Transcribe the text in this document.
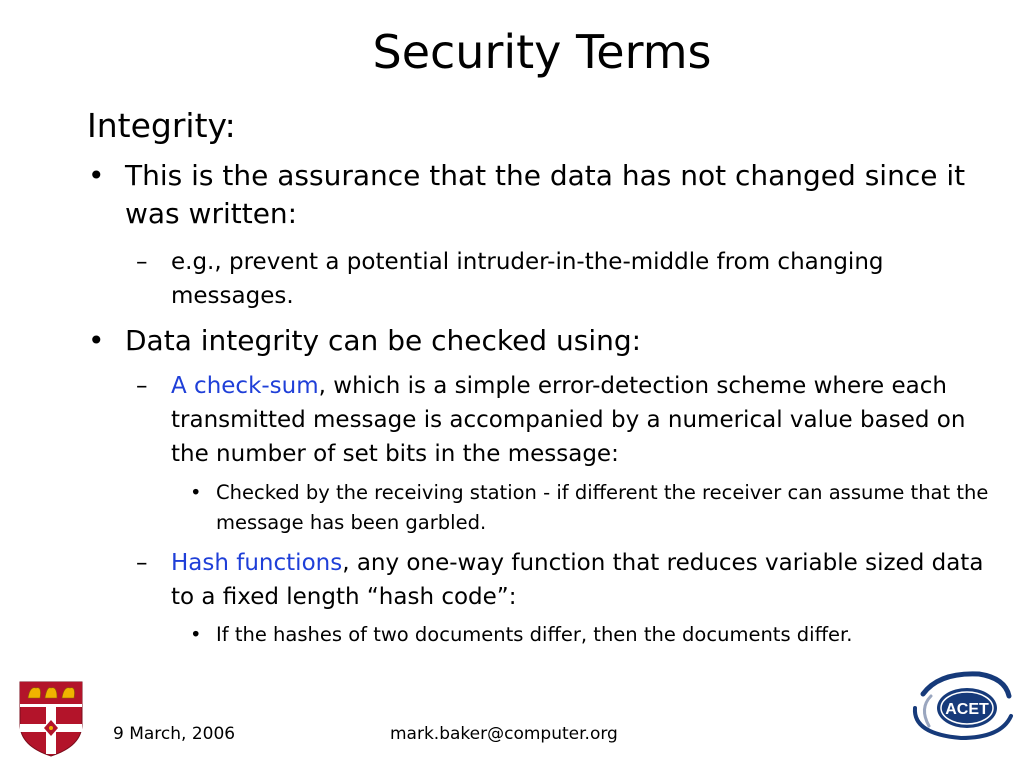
Security Terms
Integrity:
• This is the assurance that the data has not changed since it was written:
– e.g., prevent a potential intruder-in-the-middle from changing messages.
• Data integrity can be checked using:
– A check-sum, which is a simple error-detection scheme where each transmitted message is accompanied by a numerical value based on the number of set bits in the message:
• Checked by the receiving station - if different the receiver can assume that the message has been garbled.
– Hash functions, any one-way function that reduces variable sized data to a fixed length “hash code”:
• If the hashes of two documents differ, then the documents differ.
9 March, 2006	mark.baker@computer.org
ACET
